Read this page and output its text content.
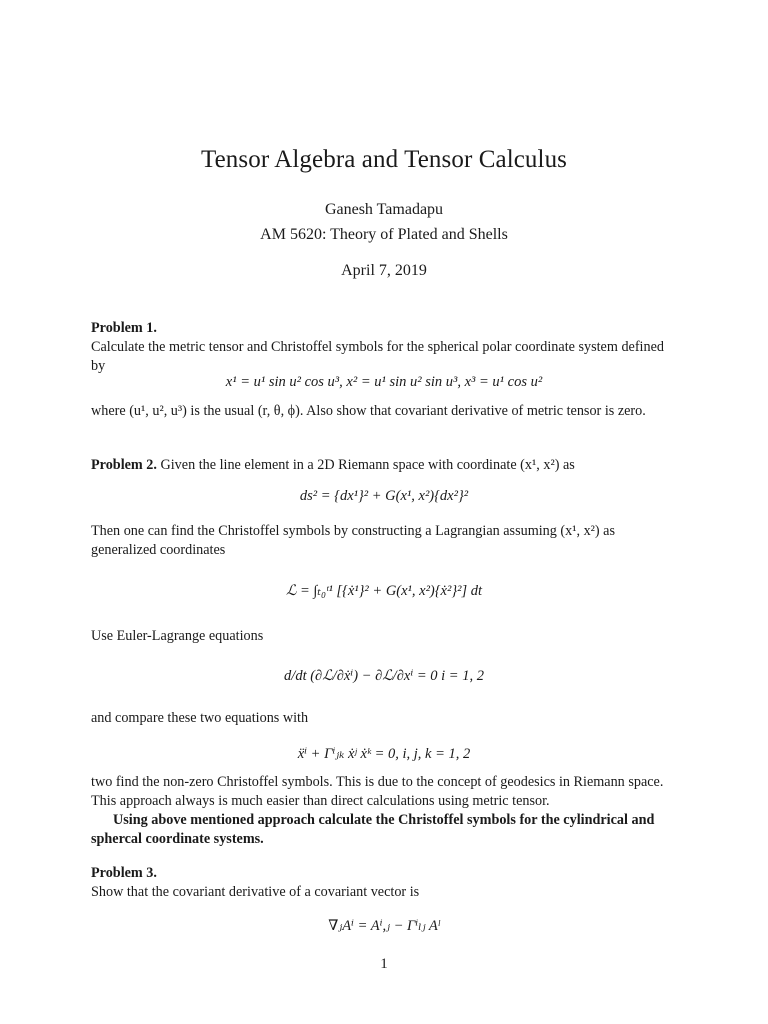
Tensor Algebra and Tensor Calculus
Ganesh Tamadapu
AM 5620: Theory of Plated and Shells
April 7, 2019
Problem 1.
Calculate the metric tensor and Christoffel symbols for the spherical polar coordinate system defined by
x¹ = u¹ sin u² cos u³, x² = u¹ sin u² sin u³, x³ = u¹ cos u²
where (u¹, u², u³) is the usual (r, θ, ϕ). Also show that covariant derivative of metric tensor is zero.
Problem 2. Given the line element in a 2D Riemann space with coordinate (x¹, x²) as
ds² = {dx¹}² + G(x¹, x²){dx²}²
Then one can find the Christoffel symbols by constructing a Lagrangian assuming (x¹, x²) as generalized coordinates
ℒ = ∫ₜ₀ᵗ¹ [{ẋ¹}² + G(x¹, x²){ẋ²}²] dt
Use Euler-Lagrange equations
d/dt (∂ℒ/∂ẋⁱ) − ∂ℒ/∂xⁱ = 0 i = 1, 2
and compare these two equations with
ẍⁱ + Γⁱⱼₖ ẋʲ ẋᵏ = 0, i, j, k = 1, 2
two find the non-zero Christoffel symbols. This is due to the concept of geodesics in Riemann space. This approach always is much easier than direct calculations using metric tensor.
Using above mentioned approach calculate the Christoffel symbols for the cylindrical and sphercal coordinate systems.
Problem 3.
Show that the covariant derivative of a covariant vector is
∇ⱼAⁱ = Aⁱ,ⱼ − Γⁱₗⱼ Aˡ
1
